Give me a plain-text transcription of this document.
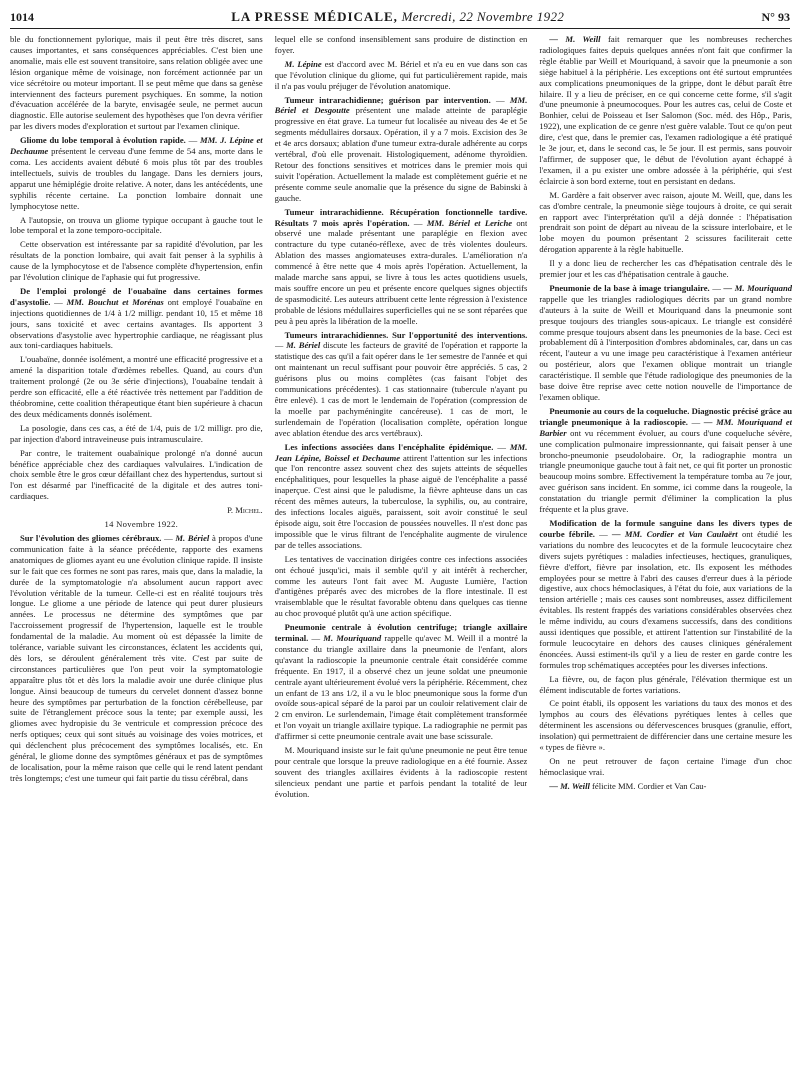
1014	LA PRESSE MÉDICALE, Mercredi, 22 Novembre 1922	N° 93

ble du fonctionnement pylorique, mais il peut être très discret, sans causes importantes, et sans conséquences appréciables. C'est bien une anomalie, mais elle est souvent transitoire, sans relation obligée avec une lésion organique même de voisinage, non forcément actionnée par un vice sécrétoire ou moteur important. Il se peut même que dans sa genèse interviennent des facteurs purement psychiques. En somme, la notion d'évacuation accélérée de la baryte, envisagée seule, ne permet aucun diagnostic. Elle autorise seulement des hypothèses que l'on devra vérifier par les divers modes d'exploration et surtout par l'examen clinique.

Gliome du lobe temporal à évolution rapide. — MM. J. Lépine et Dechaume présentent le cerveau d'une femme de 54 ans, morte dans le coma. Les accidents avaient débuté 6 mois plus tôt par des troubles intellectuels, suivis de troubles du langage. Dans les derniers jours, apparut une hémiplégie droite relative. A noter, dans les antécédents, une syphilis récente certaine. La ponction lombaire donnait une lymphocytose nette.

A l'autopsie, on trouva un gliome typique occupant à gauche tout le lobe temporal et la zone temporo-occipitale.

Cette observation est intéressante par sa rapidité d'évolution, par les résultats de la ponction lombaire, qui avait fait penser à la syphilis à cause de la lymphocytose et de l'absence complète d'hypertension, enfin par l'évolution clinique de l'aphasie qui fut progressive.

De l'emploi prolongé de l'ouabaïne dans certaines formes d'asystolie. — MM. Bouchut et Morénas ont employé l'ouabaïne en injections quotidiennes de 1/4 à 1/2 milligr. pendant 10, 15 et même 18 jours, sans toxicité et avec certains avantages. Ils apportent 3 observations d'asystolie avec hypertrophie cardiaque, ne réagissant plus aux toni-cardiaques habituels.

L'ouabaïne, donnée isolément, a montré une efficacité progressive et a amené la disparition totale d'œdèmes rebelles. Quand, au cours d'un traitement prolongé (2e ou 3e série d'injections), l'ouabaïne tendait à perdre son efficacité, elle a été réactivée très nettement par l'addition de théobromine, cette coalition thérapeutique étant bien supérieure à chacun des deux médicaments donnés isolément.

La posologie, dans ces cas, a été de 1/4, puis de 1/2 milligr. pro die, par injection d'abord intraveineuse puis intramusculaire.

Par contre, le traitement ouabaïnique prolongé n'a donné aucun bénéfice appréciable chez des cardiaques valvulaires. L'indication de choix semble être le gros cœur défaillant chez des hypertendus, surtout si l'on est désarmé par l'inefficacité de la digitale et des autres toni-cardiaques.

P. Michel.

14 Novembre 1922.

Sur l'évolution des gliomes cérébraux. — M. Bériel à propos d'une communication faite à la séance précédente, rapporte des examens anatomiques de gliomes ayant eu une évolution clinique rapide. Il insiste sur le fait que ces formes ne sont pas rares, mais que, dans la maladie, la durée de la symptomatologie n'a absolument aucun rapport avec l'évolution véritable de la tumeur. Celle-ci est en réalité toujours très longue. Le gliome a une période de latence qui peut durer plusieurs années. Le processus ne détermine des symptômes que par l'accroissement progressif de l'hypertension, laquelle est le trouble fondamental de la maladie. Au moment où est dépassée la limite de tolérance, variable suivant les circonstances, éclatent les accidents qui, dès lors, se déroulent généralement très vite. C'est par suite de circonstances particulières que l'on peut voir la symptomatologie apparaître plus tôt et dès lors la maladie avoir une durée clinique plus longue. Ainsi beaucoup de tumeurs du cervelet donnent d'assez bonne heure des symptômes par perturbation de la fonction cérébelleuse, par suite de l'étranglement précoce sous la tente; par exemple aussi, les gliomes avec hydropisie du 3e ventricule et compression précoce des nerfs optiques; ceux qui sont situés au voisinage des voies motrices, et qui déclenchent plus précocement des symptômes localisés, etc. En général, le gliome donne des symptômes généraux et pas de symptômes de localisation, pour la même raison que celle qui le rend latent pendant très longtemps; c'est une tumeur qui fait partie du tissu cérébral, dans

lequel elle se confond insensiblement sans produire de distinction en foyer.

M. Lépine est d'accord avec M. Bériel et n'a eu en vue dans son cas que l'évolution clinique du gliome, qui fut particulièrement rapide, mais il n'a pas voulu préjuger de l'évolution anatomique.

Tumeur intrarachidienne; guérison par intervention. — MM. Bériel et Desgoutte présentent une malade atteinte de paraplégie progressive en état grave. La tumeur fut localisée au niveau des 4e et 5e segments médullaires dorsaux. Opération, il y a 7 mois. Excision des 3e et 4e arcs dorsaux; ablation d'une tumeur extra-durale adhérente au corps vertébral, d'où elle provenait. Histologiquement, adénome thyroïdien. Retour des fonctions sensitives et motrices dans le premier mois qui suivit l'opération. Actuellement la malade est complètement guérie et ne présente comme seule anomalie que la présence du signe de Babinski à gauche.

Tumeur intrarachidienne. Récupération fonctionnelle tardive. Résultats 7 mois après l'opération. — MM. Bériel et Leriche ont observé une malade présentant une paraplégie en flexion avec contracture du type cutanéo-réflexe, avec de très violentes douleurs. Ablation des masses angiomateuses extra-durales. L'amélioration n'a commencé à être nette que 4 mois après l'opération. Actuellement, la malade marche sans appui, se livre à tous les actes quotidiens usuels, mais souffre encore un peu et présente encore quelques signes objectifs de spasmodicité. Les auteurs attribuent cette lente régression à l'existence probable de lésions médullaires superficielles qui ne se sont réparées que peu à peu après la libération de la moelle.

Tumeurs intrarachidiennes. Sur l'opportunité des interventions. — M. Bériel discute les facteurs de gravité de l'opération et rapporte la statistique des cas qu'il a fait opérer dans le 1er semestre de l'année et qui ont maintenant un recul suffisant pour pouvoir être appréciés. 5 cas, 2 guérisons plus ou moins complètes (cas faisant l'objet des communications précédentes). 1 cas stationnaire (tubercule n'ayant pu être enlevé). 1 cas de mort le lendemain de l'opération (compression de la moelle par pachyméningite cancéreuse). 1 cas de mort, le surlendemain de l'opération (localisation complète, opération longue avec ablation étendue des arcs vertébraux).

Les infections associées dans l'encéphalite épidémique. — MM. Jean Lépine, Boissel et Dechaume attirent l'attention sur les infections que l'on rencontre assez souvent chez des sujets atteints de séquelles encéphalitiques, pour lesquelles la phase aiguë de l'encéphalite a passé inaperçue. C'est ainsi que le paludisme, la fièvre aphteuse dans un cas récent des mêmes auteurs, la tuberculose, la syphilis, ou, au contraire, des infections locales aiguës, paraissent, soit avoir constitué le seul épisode aigu, soit être l'occasion de poussées nouvelles. Il n'est donc pas impossible que le virus filtrant de l'encéphalite augmente de virulence par de telles associations.

Les tentatives de vaccination dirigées contre ces infections associées ont échoué jusqu'ici, mais il semble qu'il y ait intérêt à rechercher, comme les auteurs l'ont fait avec M. Auguste Lumière, l'action d'antigènes préparés avec des microbes de la flore intestinale. Il est vraisemblable que le résultat favorable obtenu dans quelques cas tienne au choc provoqué plutôt qu'à une action spécifique.

Pneumonie centrale à évolution centrifuge; triangle axillaire terminal. — M. Mouriquand rappelle qu'avec M. Weill il a montré la constance du triangle axillaire dans la pneumonie de l'enfant, alors qu'avant la radioscopie la pneumonie centrale était considérée comme fréquente. En 1917, il a observé chez un jeune soldat une pneumonie centrale ayant ultérieurement évolué vers la périphérie. Récemment, chez un enfant de 13 ans 1/2, il a vu le bloc pneumonique sous la forme d'un ovoïde sous-apical séparé de la paroi par un couloir relativement clair de 2 cm environ. Le surlendemain, l'image était complètement transformée et l'on voyait un triangle axillaire typique. La radiographie ne permit pas d'affirmer si cette pneumonie centrale avait une base scissurale.

M. Mouriquand insiste sur le fait qu'une pneumonie ne peut être tenue pour centrale que lorsque la preuve radiologique en a été fournie. Assez souvent des triangles axillaires évidents à la radioscopie restent silencieux pendant une partie et parfois pendant la totalité de leur évolution.

— M. Weill fait remarquer que les nombreuses recherches radiologiques faites depuis quelques années n'ont fait que confirmer la règle établie par Weill et Mouriquand, à savoir que la pneumonie a son siège habituel à la périphérie. Les exceptions ont été surtout empruntées aux complications pneumoniques de la grippe, dont le début paraît être hilaire. Il y a lieu de préciser, en ce qui concerne cette forme, s'il s'agit d'une pneumonie à pneumocoques. Pour les autres cas, celui de Coste et Bonhier, celui de Poisseau et Iser Salomon (Soc. méd. des Hôp., Paris, 1922), une explication de ce genre n'est guère valable. Tout ce qu'on peut dire, c'est que, dans le premier cas, l'examen radiologique a été pratiqué le 3e jour, et, dans le second cas, le 5e jour. Il est permis, sans pouvoir l'affirmer, de supposer que, le début de l'évolution ayant échappé à l'examen, il a pu exister une ombre adossée à la périphérie, qui s'est éclaircie à son bord externe, tout en persistant en dedans.

M. Gardère a fait observer avec raison, ajoute M. Weill, que, dans les cas d'ombre centrale, la pneumonie siège toujours à droite, ce qui serait en rapport avec l'interprétation qu'il a déjà donnée : l'hépatisation prendrait son point de départ au niveau de la scissure interlobaire, et le lobe moyen du poumon présentant 2 scissures faciliterait cette dérogation apparente à la règle habituelle.

Il y a donc lieu de rechercher les cas d'hépatisation centrale dès le premier jour et les cas d'hépatisation centrale à gauche.

Pneumonie de la base à image triangulaire. — — M. Mouriquand rappelle que les triangles radiologiques décrits par un grand nombre d'auteurs à la suite de Weill et Mouriquand dans la pneumonie sont presque toujours des triangles sous-apicaux. Le triangle est considéré comme presque toujours absent dans les pneumonies de la base. Ceci est probablement dû à l'interposition d'ombres abdominales, car, dans un cas récent, l'auteur a vu une image peu caractéristique à l'examen antérieur ou postérieur, alors que l'examen oblique montrait un triangle caractéristique. Il semble que l'étude radiologique des pneumonies de la base doive être reprise avec cette notion nouvelle de l'importance de l'examen oblique.

Pneumonie au cours de la coqueluche. Diagnostic précisé grâce au triangle pneumonique à la radioscopie. — — MM. Mouriquand et Barbier ont vu récemment évoluer, au cours d'une coqueluche sévère, une complication pulmonaire impressionnante, qui faisait penser à une broncho-pneumonie pseudolobaire. Or, la radiographie montra un triangle pneumonique gauche tout à fait net, ce qui fit porter un pronostic beaucoup moins sombre. Effectivement la température tomba au 7e jour, avec guérison sans incident. En somme, ici comme dans la rougeole, la constatation du triangle permit d'éliminer la complication la plus fréquente et la plus grave.

Modification de la formule sanguine dans les divers types de courbe fébrile. — — MM. Cordier et Van Caulaërt ont étudié les variations du nombre des leucocytes et de la formule leucocytaire chez divers sujets pyrétiques : maladies infectieuses, hectiques, granuliques, fièvre d'effort, fièvre par insolation, etc. Ils exposent les méthodes employées pour se mettre à l'abri des causes d'erreur dues à la période digestive, aux chocs hémoclasiques, à l'état du foie, aux variations de la tension artérielle ; mais ces causes sont nombreuses, assez difficilement évitables. Ils restent frappés des variations considérables observées chez le même individu, au cours d'examens successifs, dans des conditions aussi identiques que possible, et attirent l'attention sur l'instabilité de la formule leucocytaire en dehors des causes cliniques généralement énoncées. Aussi estiment-ils qu'il y a lieu de rester en garde contre les formules trop schématiques acceptées pour les diverses infections.

La fièvre, ou, de façon plus générale, l'élévation thermique est un élément indiscutable de fortes variations.

Ce point établi, ils opposent les variations du taux des monos et des lymphos au cours des élévations pyrétiques lentes à celles que déterminent les ascensions ou défervescences brusques (granulie, effort, insolation) qui permettraient de différencier dans une certaine mesure les « types de fièvre ».

On ne peut retrouver de façon certaine l'image d'un choc hémoclasique vrai.

— M. Weill félicite MM. Cordier et Van Cau-
